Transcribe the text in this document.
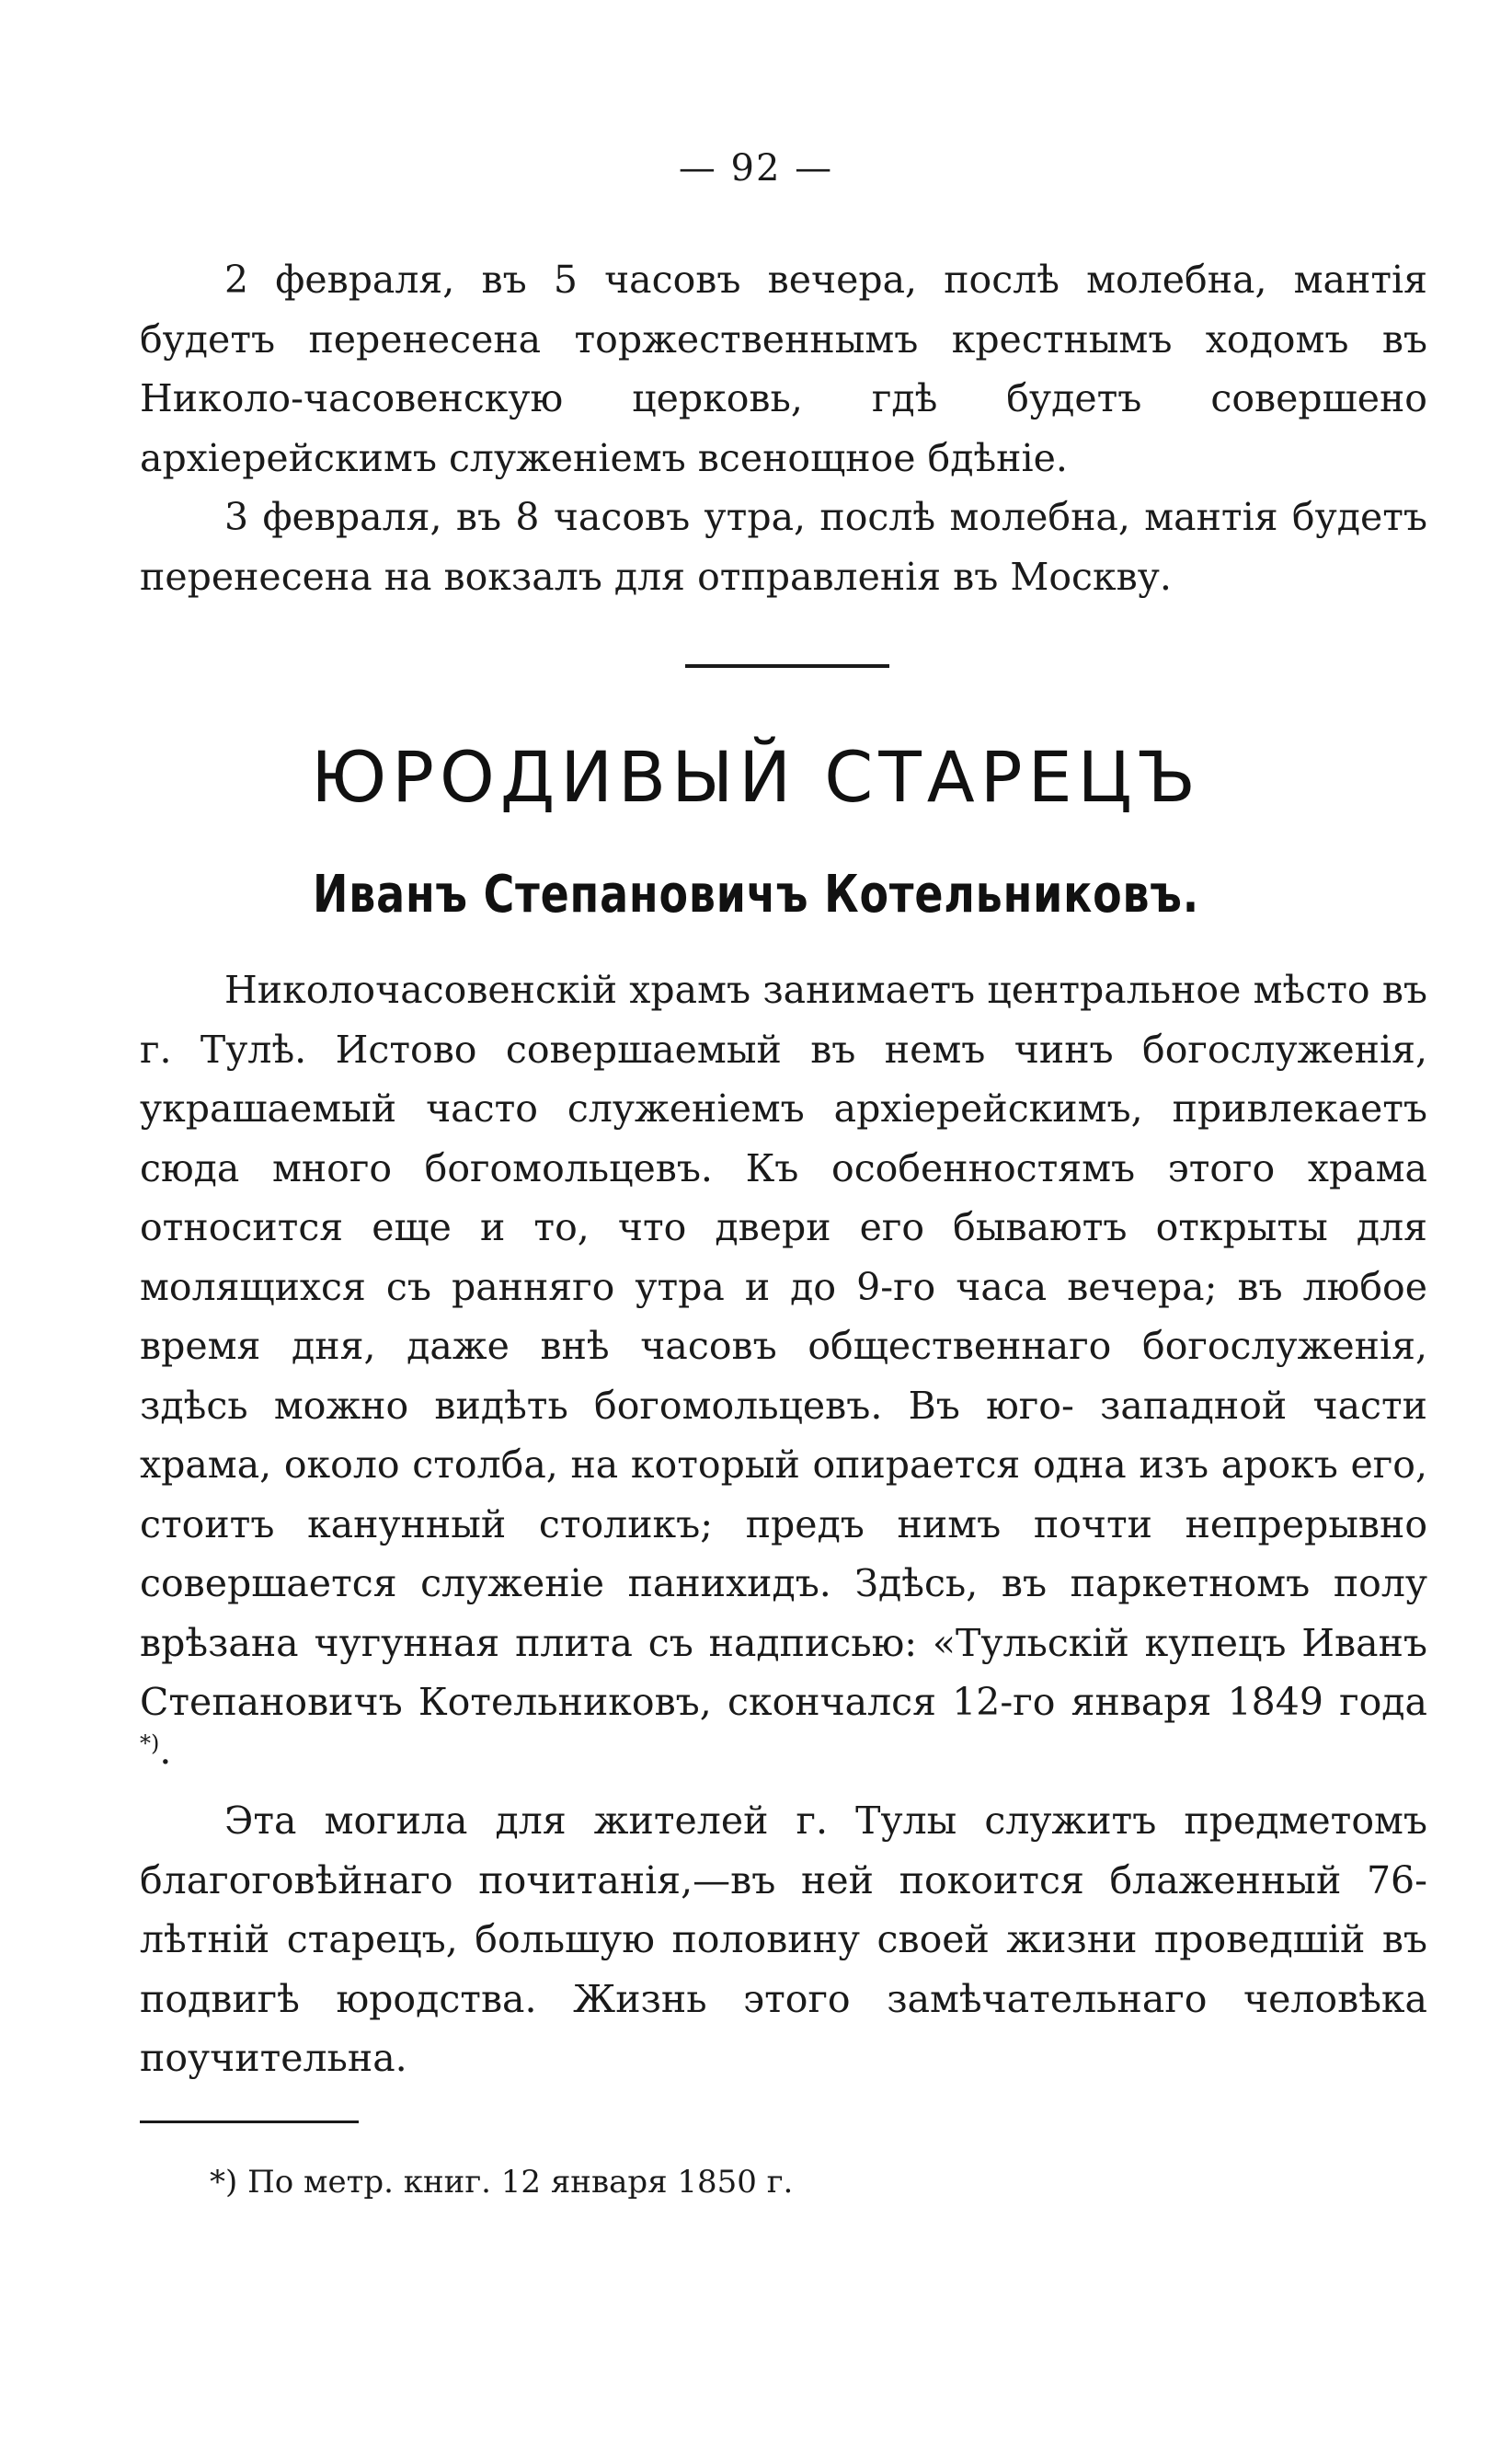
— 92 —

2 февраля, въ 5 часовъ вечера, послѣ молебна, мантія будетъ перенесена торжественнымъ крестнымъ ходомъ въ Николо-часовенскую церковь, гдѣ будетъ совершено архіерейскимъ служеніемъ всенощное бдѣніе.

3 февраля, въ 8 часовъ утра, послѣ молебна, мантія будетъ перенесена на вокзалъ для отправленія въ Москву.

ЮРОДИВЫЙ СТАРЕЦЪ
Иванъ Степановичъ Котельниковъ.

Николочасовенскій храмъ занимаетъ центральное мѣсто въ г. Тулѣ. Истово совершаемый въ немъ чинъ богослуженія, украшаемый часто служеніемъ архіерейскимъ, привлекаетъ сюда много богомольцевъ. Къ особенностямъ этого храма относится еще и то, что двери его бываютъ открыты для молящихся съ ранняго утра и до 9-го часа вечера; въ любое время дня, даже внѣ часовъ общественнаго богослуженія, здѣсь можно видѣть богомольцевъ. Въ юго- западной части храма, около столба, на который опирается одна изъ арокъ его, стоитъ канунный столикъ; предъ нимъ почти непрерывно совершается служеніе панихидъ. Здѣсь, въ паркетномъ полу врѣзана чугунная плита съ надписью: «Тульскій купецъ Иванъ Степановичъ Котельниковъ, скончался 12-го января 1849 года *)·

Эта могила для жителей г. Тулы служитъ предметомъ благоговѣйнаго почитанія,—въ ней покоится блаженный 76-лѣтній старецъ, большую половину своей жизни проведшій въ подвигѣ юродства. Жизнь этого замѣчательнаго человѣка поучительна.

*) По метр. книг. 12 января 1850 г.
